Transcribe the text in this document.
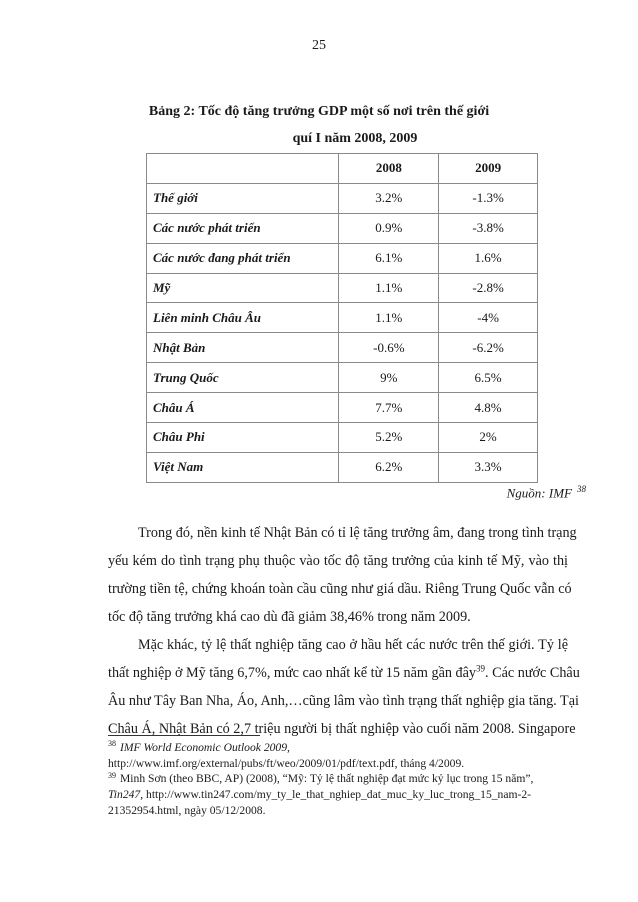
25
Bảng 2: Tốc độ tăng trưởng GDP một số nơi trên thế giới
quí I năm 2008, 2009
	2008	2009
Thế giới	3.2%	-1.3%
Các nước phát triển	0.9%	-3.8%
Các nước đang phát triển	6.1%	1.6%
Mỹ	1.1%	-2.8%
Liên minh Châu Âu	1.1%	-4%
Nhật Bản	-0.6%	-6.2%
Trung Quốc	9%	6.5%
Châu Á	7.7%	4.8%
Châu Phi	5.2%	2%
Việt Nam	6.2%	3.3%
Nguồn: IMF $^{38}$
Trong đó, nền kinh tế Nhật Bản có tỉ lệ tăng trưởng âm, đang trong tình trạng
yếu kém do tình trạng phụ thuộc vào tốc độ tăng trưởng của kinh tế Mỹ, vào thị
trường tiền tệ, chứng khoán toàn cầu cũng như giá dầu. Riêng Trung Quốc vẫn có
tốc độ tăng trưởng khá cao dù đã giảm 38,46% trong năm 2009.
Mặc khác, tỷ lệ thất nghiệp tăng cao ở hầu hết các nước trên thế giới. Tỷ lệ
thất nghiệp ở Mỹ tăng 6,7%, mức cao nhất kể từ 15 năm gần đây$^{39}$. Các nước Châu
Âu như Tây Ban Nha, Áo, Anh,…cũng lâm vào tình trạng thất nghiệp gia tăng. Tại
Châu Á, Nhật Bản có 2,7 triệu người bị thất nghiệp vào cuối năm 2008. Singapore
$^{38}$ IMF World Economic Outlook 2009,
http://www.imf.org/external/pubs/ft/weo/2009/01/pdf/text.pdf, tháng 4/2009.
$^{39}$ Minh Sơn (theo BBC, AP) (2008), “Mỹ: Tỷ lệ thất nghiệp đạt mức kỷ lục trong 15 năm”,
Tin247, http://www.tin247.com/my_ty_le_that_nghiep_dat_muc_ky_luc_trong_15_nam-2-
21352954.html, ngày 05/12/2008.
